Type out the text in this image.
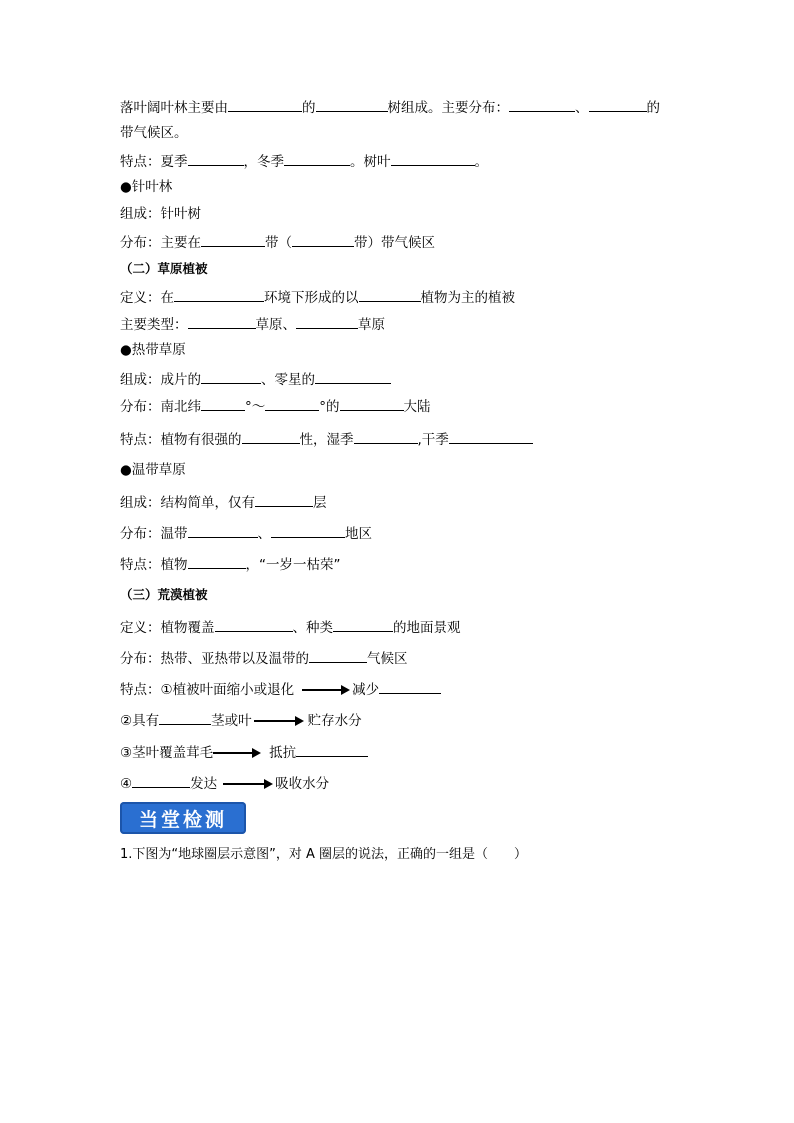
落叶阔叶林主要由	的	树组成。主要分布：	、	的
带气候区。
特点：夏季	，冬季	。树叶	。
●针叶林
组成：针叶树
分布：主要在	带（	带）带气候区
（二）草原植被
定义：在	环境下形成的以	植物为主的植被
主要类型：	草原、	草原
●热带草原
组成：成片的	、零星的
分布：南北纬	°～	°的	大陆
特点：植物有很强的	性，湿季	,干季
●温带草原
组成：结构简单，仅有	层
分布：温带	、	地区
特点：植物	，“一岁一枯荣”
（三）荒漠植被
定义：植物覆盖	、种类	的地面景观
分布：热带、亚热带以及温带的	气候区
特点：①植被叶面缩小或退化	减少
②具有	茎或叶	贮存水分
③茎叶覆盖茸毛	抵抗
④	发达	吸收水分
当堂检测
1.下图为“地球圈层示意图”，对 A 圈层的说法，正确的一组是（　　）
